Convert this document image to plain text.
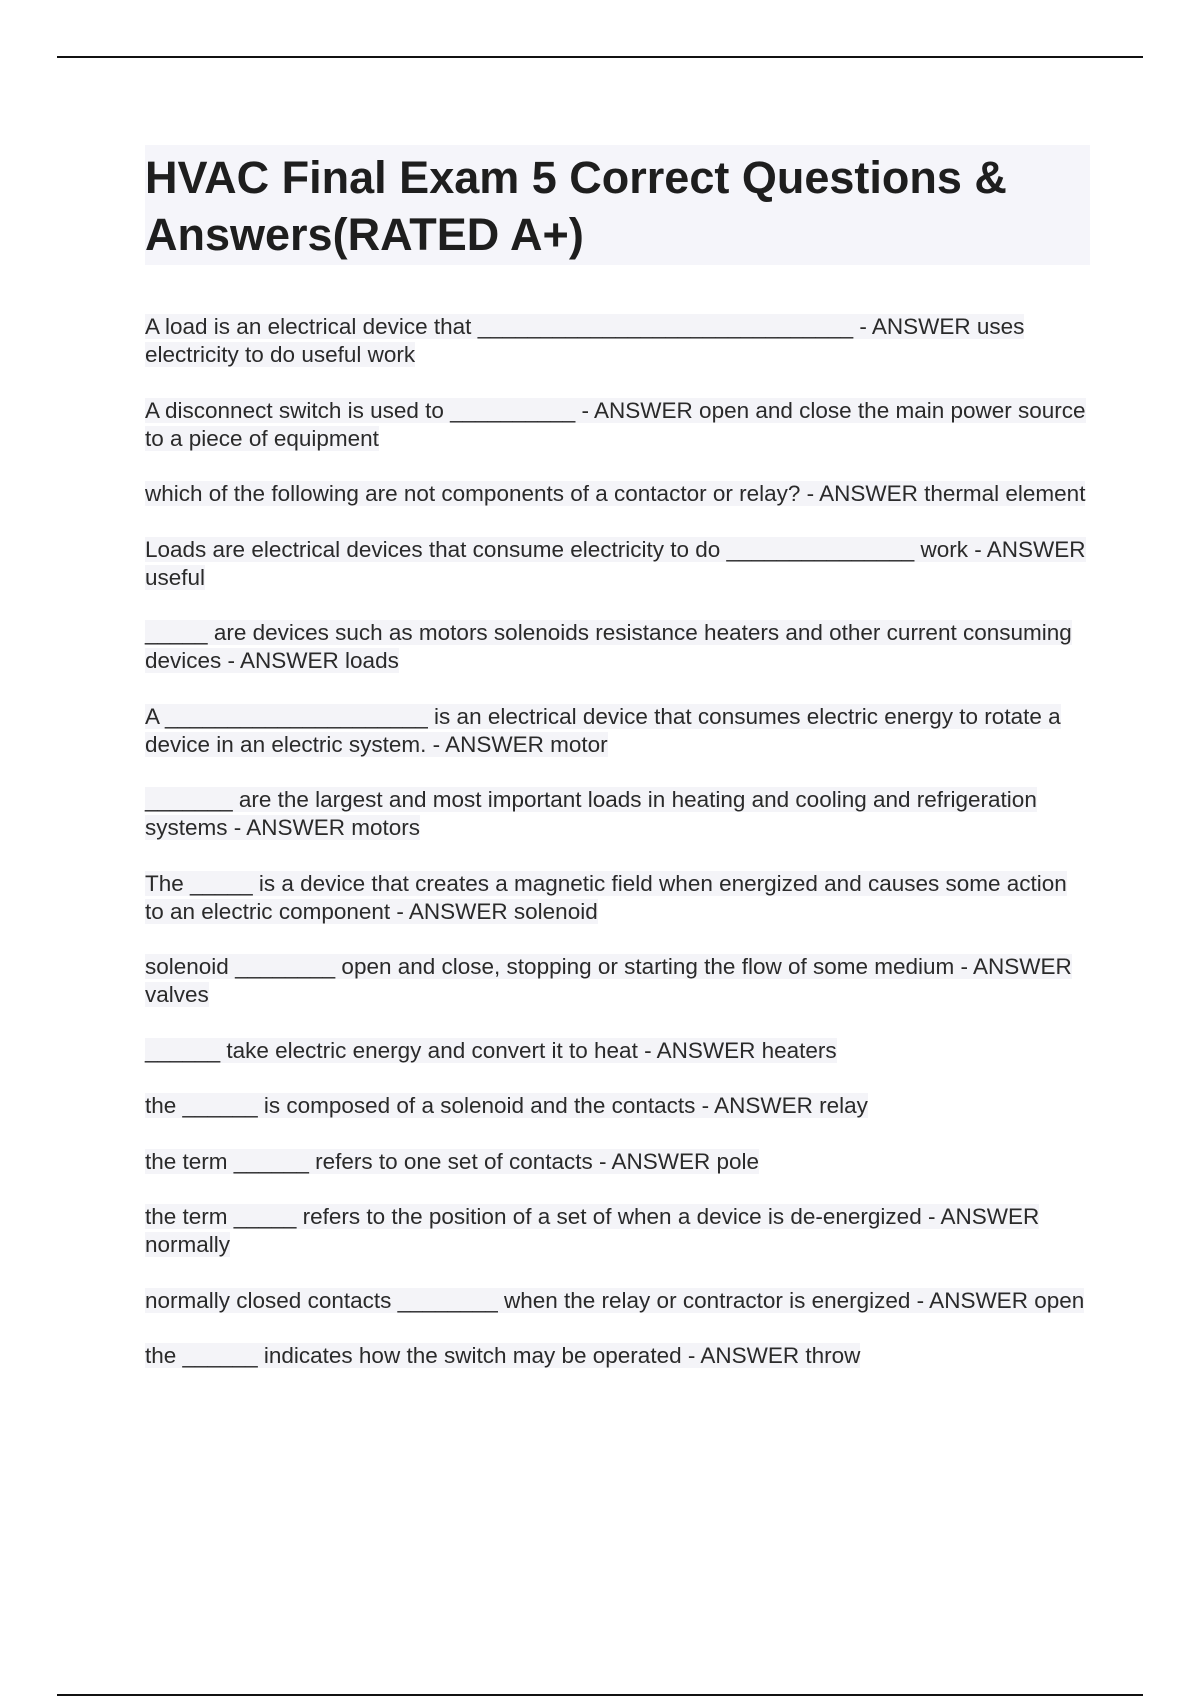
HVAC Final Exam 5 Correct Questions & Answers(RATED A+)
A load is an electrical device that ______________________________ - ANSWER uses electricity to do useful work
A disconnect switch is used to __________ - ANSWER open and close the main power source to a piece of equipment
which of the following are not components of a contactor or relay? - ANSWER thermal element
Loads are electrical devices that consume electricity to do _______________ work - ANSWER useful
_____ are devices such as motors solenoids resistance heaters and other current consuming devices - ANSWER loads
A _____________________ is an electrical device that consumes electric energy to rotate a device in an electric system. - ANSWER motor
_______ are the largest and most important loads in heating and cooling and refrigeration systems - ANSWER motors
The _____ is a device that creates a magnetic field when energized and causes some action to an electric component - ANSWER solenoid
solenoid ________ open and close, stopping or starting the flow of some medium - ANSWER valves
______ take electric energy and convert it to heat - ANSWER heaters
the ______ is composed of a solenoid and the contacts - ANSWER relay
the term ______ refers to one set of contacts - ANSWER pole
the term _____ refers to the position of a set of when a device is de-energized - ANSWER normally
normally closed contacts ________ when the relay or contractor is energized - ANSWER open
the ______ indicates how the switch may be operated - ANSWER throw
